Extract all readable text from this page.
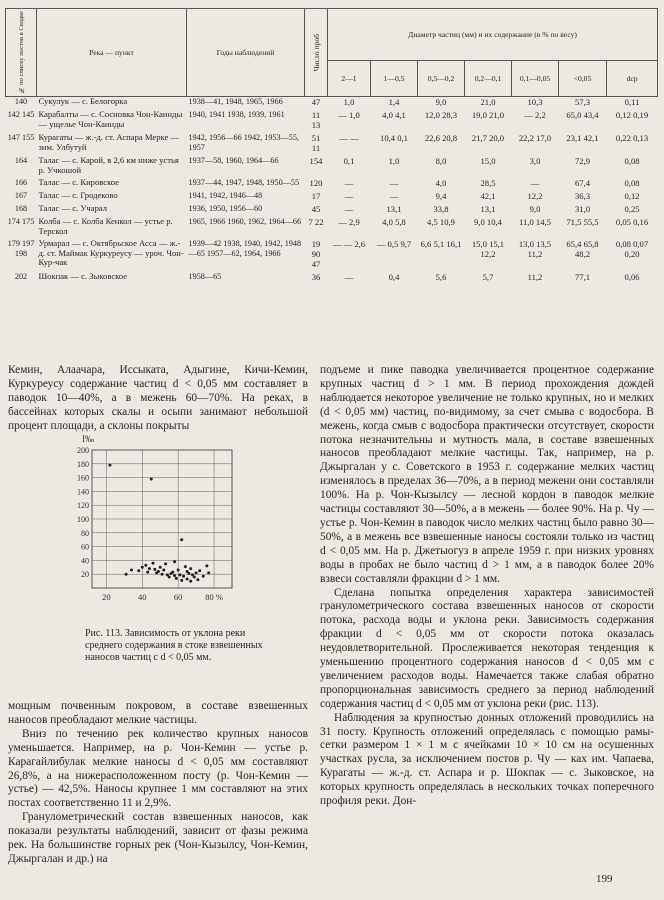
№ по списку постов в Сводке	Река — пункт	Годы наблюдений	Число проб	Диаметр частиц (мм) и их содержание (в % по весу)						
				2—1	1—0,5	0,5—0,2	0,2—0,1	0,1—0,05	<0,05	dср
140	Сукулук — с. Белогорка	1938—41, 1948, 1965, 1966	47	1,0	1,4	9,0	21,0	10,3	57,3	0,11
142 145	Карабалты — с. Сосновка Чон-Каинды — ущелье Чон-Каинды	1940, 1941 1938, 1939, 1961	11 13	— 1,0	4,0 4,1	12,0 28,3	19,0 21,0	— 2,2	65,0 43,4	0,12 0,19
147 155	Курагаты — ж.-д. ст. Аспара Мерке — зим. Улбутуй	1942, 1956—66 1942, 1953—55, 1957	51 11	— —	10,4 0,1	22,6 20,8	21,7 20,0	22,2 17,0	23,1 42,1	0,22 0,13
164	Талас — с. Карой, в 2,6 км ниже устья р. Учкошой	1937—58, 1960, 1964—66	154	0,1	1,0	8,0	15,0	3,0	72,9	0,08
166	Талас — с. Кировское	1937—44, 1947, 1948, 1950—55	120	—	—	4,0	28,5	—	67,4	0,08
167	Талас — с. Гродеково	1941, 1942, 1946—48	17	—	—	9,4	42,1	12,2	36,3	0,12
168	Талас — с. Учарал	1936, 1950, 1956—60	45	—	13,1	33,8	13,1	9,0	31,0	0,25
174 175	Колба — с. Колба Кенкол — устье р. Терскол	1965, 1966 1960, 1962, 1964—66	7 22	— 2,9	4,0 5,8	4,5 10,9	9,0 10,4	11,0 14,5	71,5 55,5	0,05 0,16
179 197 198	Урмарал — с. Октябрьское Асса — ж.-д. ст. Маймак Куркуреусу — уроч. Чон-Кур-чак	1939—42 1938, 1940, 1942, 1948—65 1957—62, 1964, 1966	19 90 47	— — 2,6	— 0,5 9,7	6,6 5,1 16,1	15,0 15,1 12,2	13,0 13,5 11,2	65,4 65,8 48,2	0,08 0,07 0,20
202	Шокпак — с. Зыковское	1958—65	36	—	0,4	5,6	5,7	11,2	77,1	0,06

Кемин, Алаачара, Иссыката, Адыгине, Кичи-Кемин, Куркуреусу содержание частиц d < 0,05 мм составляет в паводок 10—40%, а в межень 60—70%. На реках, в бассейнах которых скалы и осыпи занимают небольшой процент площади, а склоны покрыты

20
40
60
80
100
120
140
160
180
200
20	40	60	80 %
I‰
Рис. 113. Зависимость от уклона реки среднего содержания в стоке взвешенных наносов частиц с d < 0,05 мм.

мощным почвенным покровом, в составе взвешенных наносов преобладают мелкие частицы.

Вниз по течению рек количество крупных наносов уменьшается. Например, на р. Чон-Кемин — устье р. Карагайлибулак мелкие наносы d < 0,05 мм составляют 26,8%, а на нижерасположенном посту (р. Чон-Кемин — устье) — 42,5%. Наносы крупнее 1 мм составляют на этих постах соответственно 11 и 2,9%.

Гранулометрический состав взвешенных наносов, как показали результаты наблюдений, зависит от фазы режима рек. На большинстве горных рек (Чон-Кызылсу, Чон-Кемин, Джыргалан и др.) на

подъеме и пике паводка увеличивается процентное содержание крупных частиц d > 1 мм. В период прохождения дождей наблюдается некоторое увеличение не только крупных, но и мелких (d < 0,05 мм) частиц, по-видимому, за счет смыва с водосбора. В межень, когда смыв с водосбора практически отсутствует, скорости потока незначительны и мутность мала, в составе взвешенных наносов преобладают мелкие частицы. Так, например, на р. Джыргалан у с. Советского в 1953 г. содержание мелких частиц изменялось в пределах 36—70%, а в период межени они составляли 100%. На р. Чон-Кызылсу — лесной кордон в паводок мелкие частицы составляют 30—50%, а в межень — более 90%. На р. Чу — устье р. Чон-Кемин в паводок число мелких частиц было равно 30—50%, а в межень все взвешенные наносы состояли только из частиц d < 0,05 мм. На р. Джетыогуз в апреле 1959 г. при низких уровнях воды в пробах не было частиц d > 1 мм, а в паводок более 20% взвеси составляли фракции d > 1 мм.

Сделана попытка определения характера зависимостей гранулометрического состава взвешенных наносов от скорости потока, расхода воды и уклона реки. Зависимость содержания фракции d < 0,05 мм от скорости потока оказалась неудовлетворительной. Прослеживается некоторая тенденция к уменьшению процентного содержания наносов d < 0,05 мм с увеличением расходов воды. Намечается также слабая обратно пропорциональная зависимость среднего за период наблюдений содержания частиц d < 0,05 мм от уклона реки (рис. 113).

Наблюдения за крупностью донных отложений проводились на 31 посту. Крупность отложений определялась с помощью рамы-сетки размером 1 × 1 м с ячейками 10 × 10 см на осушенных участках русла, за исключением постов р. Чу — ках им. Чапаева, Курагаты — ж.-д. ст. Аспара и р. Шокпак — с. Зыковское, на которых крупность определялась в нескольких точках поперечного профиля реки. Дон-

199
